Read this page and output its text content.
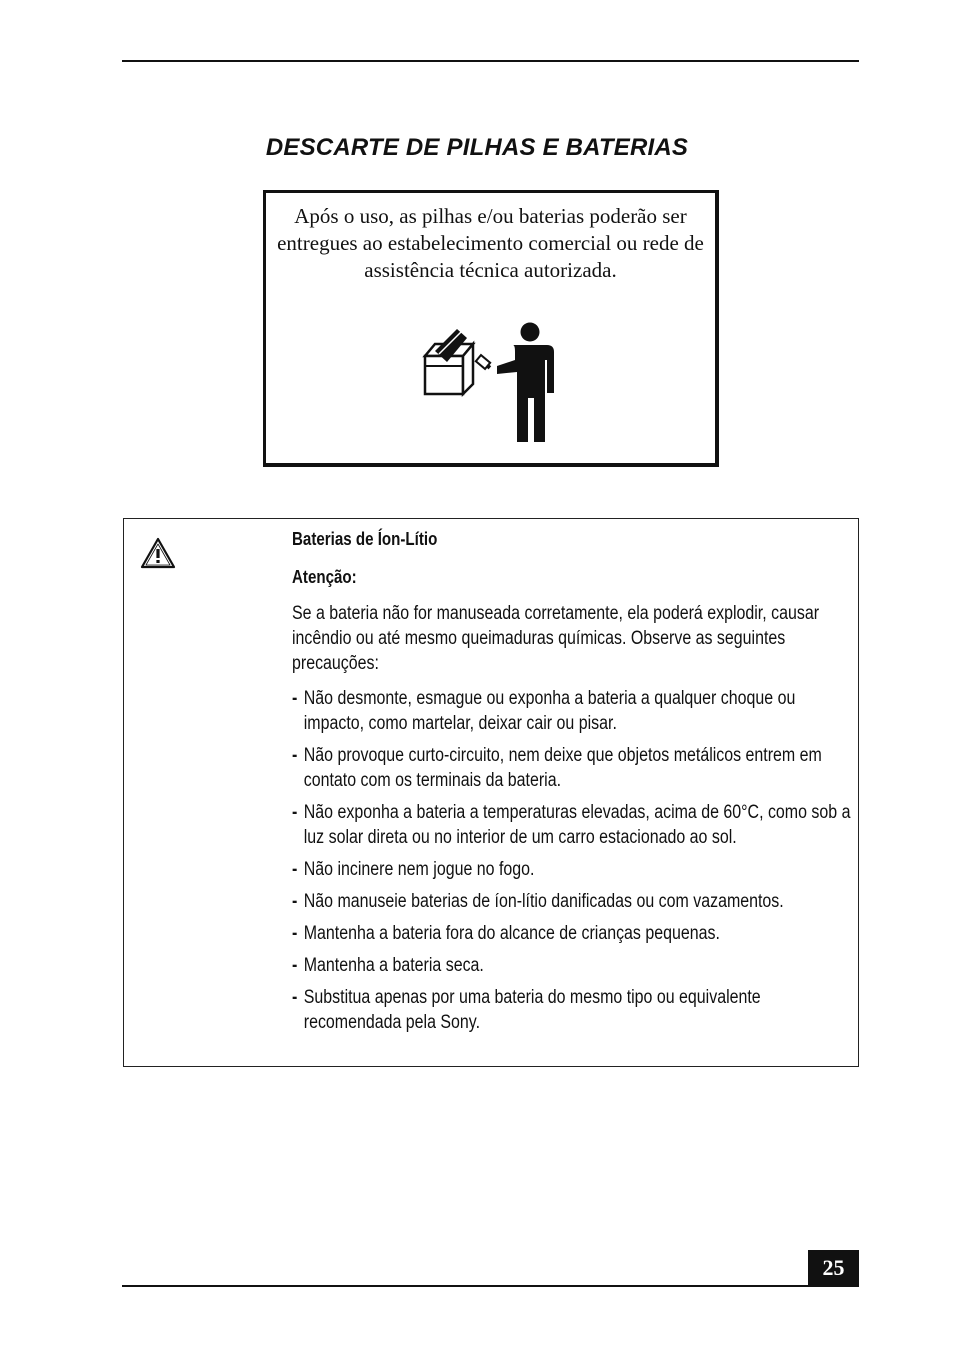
DESCARTE DE PILHAS E BATERIAS

Após o uso, as pilhas e/ou baterias poderão ser entregues ao estabelecimento comercial ou rede de assistência técnica autorizada.

Baterias de Íon-Lítio

Atenção:

Se a bateria não for manuseada corretamente, ela poderá explodir, causar incêndio ou até mesmo queimaduras químicas. Observe as seguintes precauções:

- Não desmonte, esmague ou exponha a bateria a qualquer choque ou impacto, como martelar, deixar cair ou pisar.
- Não provoque curto-circuito, nem deixe que objetos metálicos entrem em contato com os terminais da bateria.
- Não exponha a bateria a temperaturas elevadas, acima de 60°C, como sob a luz solar direta ou no interior de um carro estacionado ao sol.
- Não incinere nem jogue no fogo.
- Não manuseie baterias de íon-lítio danificadas ou com vazamentos.
- Mantenha a bateria fora do alcance de crianças pequenas.
- Mantenha a bateria seca.
- Substitua apenas por uma bateria do mesmo tipo ou equivalente recomendada pela Sony.
25
